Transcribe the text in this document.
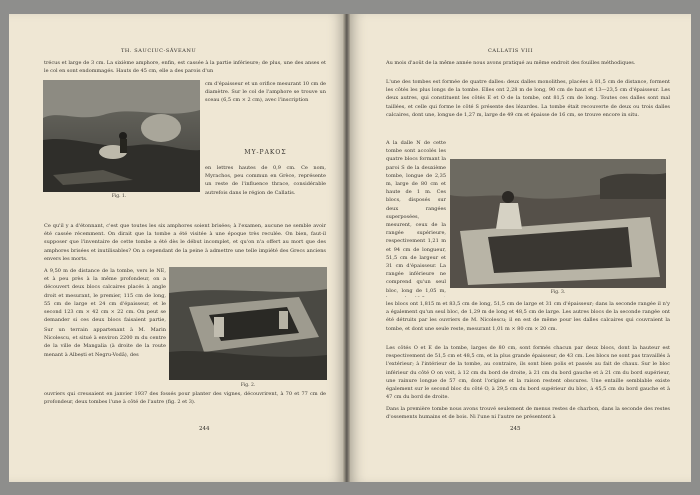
TH. SAUCIUC-SĂVEANU

trécus et large de 3 cm. La sixième amphore, enfin, est cassée à la partie inférieure; de plus, une des anses et le col en sont endommagés. Hauts de 45 cm, elle a des parois d'un

Fig. 1.

cm d'épaisseur et un orifice mesurant 10 cm de diamètre. Sur le col de l'amphore se trouve un sceau (6,5 cm × 2 cm), avec l'inscription

ΜΥ-ΡΑΚΟΣ

en lettres hautes de 0,9 cm. Ce nom, Myrachos, peu commun en Grèce, représente un reste de l'influence thrace, considérable autrefois dans le région de Callatis.

Ce qu'il y a d'étonnant, c'est que toutes les six amphores soient brisées; à l'examen, aucune ne semble avoir été cassée récemment. On dirait que la tombe a été visitée à une époque très reculée. On bien, faut-il supposer que l'inventaire de cette tombe a été dès le début incomplet, et qu'on n'a offert au mort que des amphores brisées et inutilisables? On a cependant de la peine à admettre une telle impiété des Grecs anciens envers les morts.

A 9,50 m de distance de la tombe, vers le NE, et à peu près à la même profondeur, on a découvert deux blocs calcaires placés à angle droit et mesurant, le premier, 115 cm de long, 55 cm de large et 24 cm d'épaisseur, et le second 123 cm × 42 cm × 22 cm. On peut se demander si ces deux blocs faisaient partie,

Fig. 2.

Sur un terrain appartenant à M. Marin Nicolescu, et situé à environ 2200 m du centre de la ville de Mangalia (à droite de la route menant à Albești et Negru-Vodă), des

ouvriers qui creusaient en janvier 1937 des fossés pour planter des vignes, découvrirent, à 70 et 77 cm de profondeur, deux tombes l'une à côté de l'autre (fig. 2 et 3).

244
CALLATIS VIII

Au mois d'août de la même année nous avons pratiqué au même endroit des fouilles méthodiques.

L'une des tombes est formée de quatre dalles: deux dalles monolithes, placées à 81,5 cm de distance, forment les côtés les plus longs de la tombe. Elles ont 2,28 m de long, 90 cm de haut et 13—23,5 cm d'épaisseur. Les deux autres, qui constituent les côtés E et O de la tombe, ont 81,5 cm de long. Toutes ces dalles sont mal taillées, et celle qui forme le côté S présente des lézardes. La tombe était recouverte de deux ou trois dalles calcaires, dont une, longue de 1,27 m, large de 49 cm et épaisse de 16 cm, se trouve encore in situ.

A la dalle N de cette tombe sont accolés les quatre blocs formant la paroi S de la deuxième tombe, longue de 2,35 m, large de 80 cm et haute de 1 m. Ces blocs, disposés sur deux rangées superposées, mesurent, ceux de la rangée supérieure, respectivement 1,21 m et 94 cm de longueur, 51,5 cm de largeur et 31 cm d'épaisseur. La rangée inférieure ne comprend qu'un seul bloc, long de 1,05 m,	Fig. 3.

les blocs ont 1,815 m et 83,5 cm de long, 51,5 cm de large et 31 cm d'épaisseur; dans la seconde rangée il n'y a également qu'un seul bloc, de 1,29 m de long et 48,5 cm de large. Les autres blocs de la seconde rangée ont été détruits par les ouvriers de M. Nicolescu; il en est de même pour les dalles calcaires qui couvraient la tombe, et dont une seule reste, mesurant 1,01 m × 80 cm × 20 cm.

Les côtés O et E de la tombe, larges de 80 cm, sont formés chacun par deux blocs, dont la hauteur est respectivement de 51,5 cm et 48,5 cm, et la plus grande épaisseur, de 43 cm. Les blocs ne sont pas travaillés à l'extérieur; à l'intérieur de la tombe, au contraire, ils sont bien polis et passés au fait de chaux. Sur le bloc inférieur du côté O on voit, à 12 cm du bord de droite, à 21 cm du bord gauche et à 21 cm du bord supérieur, une rainure longue de 57 cm, dont l'origine et la raison restent obscures. Une entaille semblable existe également sur le second bloc du côté O, à 29,5 cm du bord supérieur du bloc, à 45,5 cm du bord gauche et à 47 cm du bord de droite.

Dans la première tombe nous avons trouvé seulement de menus restes de charbon, dans la seconde des restes d'ossements humains et de bois. Ni l'une ni l'autre ne présentent à

245
